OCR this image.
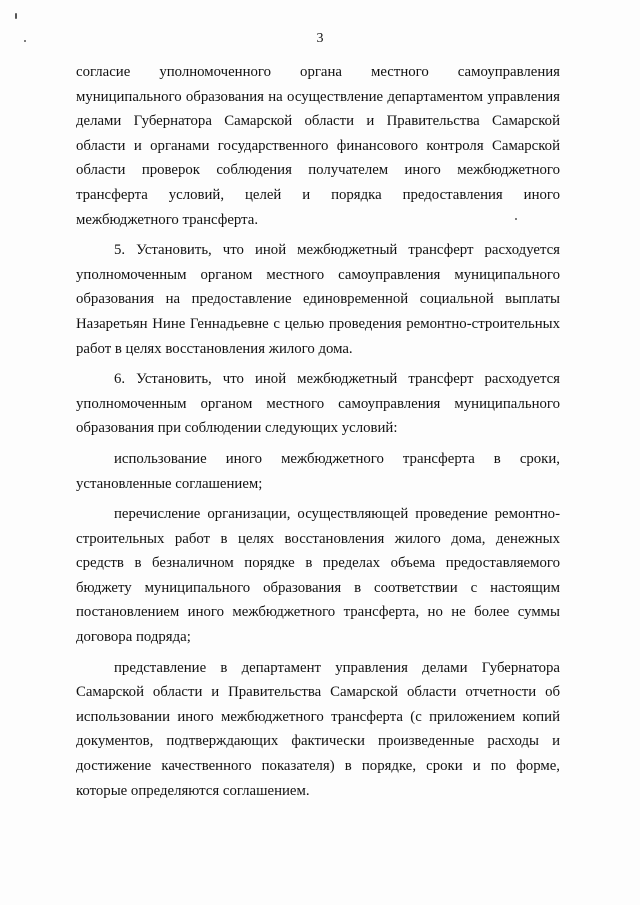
3

согласие уполномоченного органа местного самоуправления муниципального образования на осуществление департаментом управления делами Губернатора Самарской области и Правительства Самарской области и органами государственного финансового контроля Самарской области проверок соблюдения получателем иного межбюджетного трансферта условий, целей и порядка предоставления иного межбюджетного трансферта.

5. Установить, что иной межбюджетный трансферт расходуется уполномоченным органом местного самоуправления муниципального образования на предоставление единовременной социальной выплаты Назаретьян Нине Геннадьевне с целью проведения ремонтно-строительных работ в целях восстановления жилого дома.

6. Установить, что иной межбюджетный трансферт расходуется уполномоченным органом местного самоуправления муниципального образования при соблюдении следующих условий:

использование иного межбюджетного трансферта в сроки, установленные соглашением;

перечисление организации, осуществляющей проведение ремонтно-строительных работ в целях восстановления жилого дома, денежных средств в безналичном порядке в пределах объема предоставляемого бюджету муниципального образования в соответствии с настоящим постановлением иного межбюджетного трансферта, но не более суммы договора подряда;

представление в департамент управления делами Губернатора Самарской области и Правительства Самарской области отчетности об использовании иного межбюджетного трансферта (с приложением копий документов, подтверждающих фактически произведенные расходы и достижение качественного показателя) в порядке, сроки и по форме, которые определяются соглашением.
